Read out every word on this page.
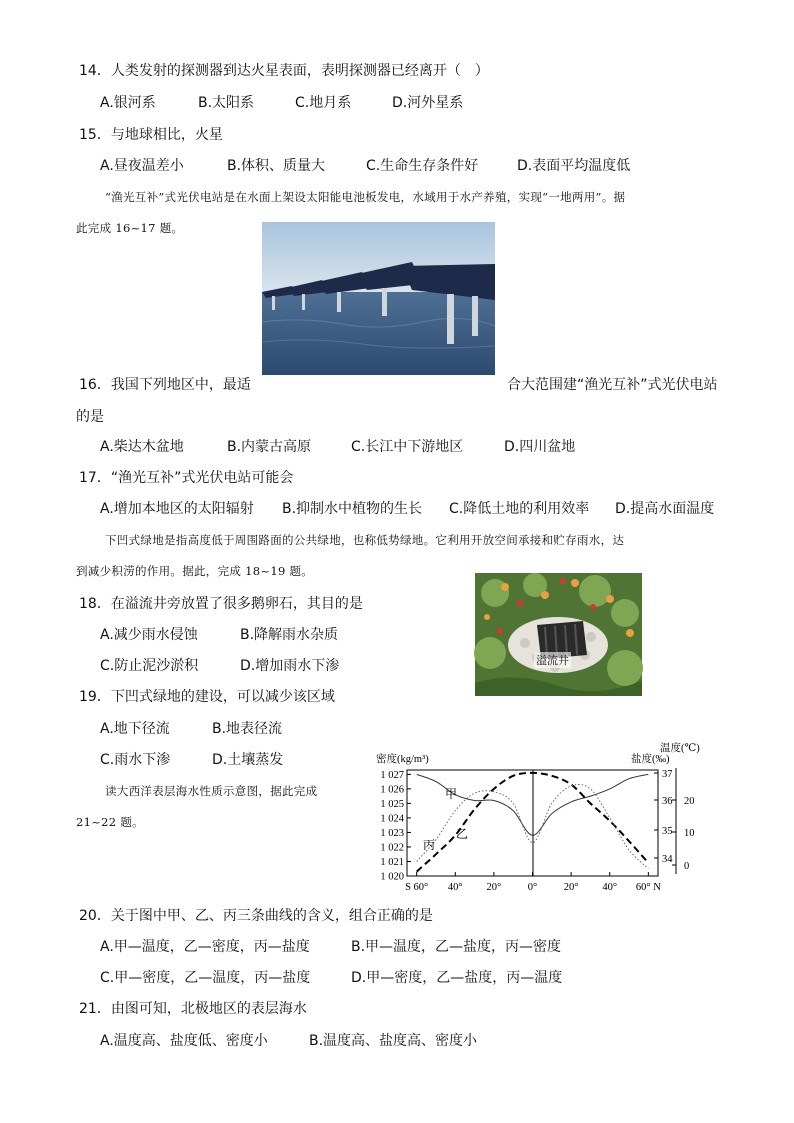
14．人类发射的探测器到达火星表面，表明探测器已经离开（　）
A.银河系	B.太阳系	C.地月系	D.河外星系
15．与地球相比，火星
A.昼夜温差小	B.体积、质量大	C.生命生存条件好	D.表面平均温度低
“渔光互补”式光伏电站是在水面上架设太阳能电池板发电，水域用于水产养殖，实现“一地两用”。据
此完成 16~17 题。
16．我国下列地区中，最适	合大范围建“渔光互补”式光伏电站
的是
A.柴达木盆地	B.内蒙古高原	C.长江中下游地区	D.四川盆地
17．“渔光互补”式光伏电站可能会
A.增加本地区的太阳辐射 B.抑制水中植物的生长 C.降低土地的利用效率 D.提高水面温度
下凹式绿地是指高度低于周围路面的公共绿地，也称低势绿地。它利用开放空间承接和贮存雨水，达
到减少积涝的作用。据此，完成 18~19 题。
溢流井
18．在溢流井旁放置了很多鹅卵石，其目的是
A.减少雨水侵蚀	B.降解雨水杂质
C.防止泥沙淤积	D.增加雨水下渗
19．下凹式绿地的建设，可以减少该区域
A.地下径流	B.地表径流
C.雨水下渗	D.土壤蒸发
读大西洋表层海水性质示意图，据此完成
21~22 题。
密度(kg/m³)	盐度(‰)
温度(℃)
1 027
1 026
1 025
1 024
1 023
1 022
1 021
1 020
37
36
35
34
20
10
0
S 60° 40° 20°	0°	20° 40° 60° N
甲
乙
丙
20．关于图中甲、乙、丙三条曲线的含义，组合正确的是
A.甲—温度，乙—密度，丙—盐度	B.甲—温度，乙—盐度，丙—密度
C.甲—密度，乙—温度，丙—盐度	D.甲—密度，乙—盐度，丙—温度
21．由图可知，北极地区的表层海水
A.温度高、盐度低、密度小	B.温度高、盐度高、密度小
